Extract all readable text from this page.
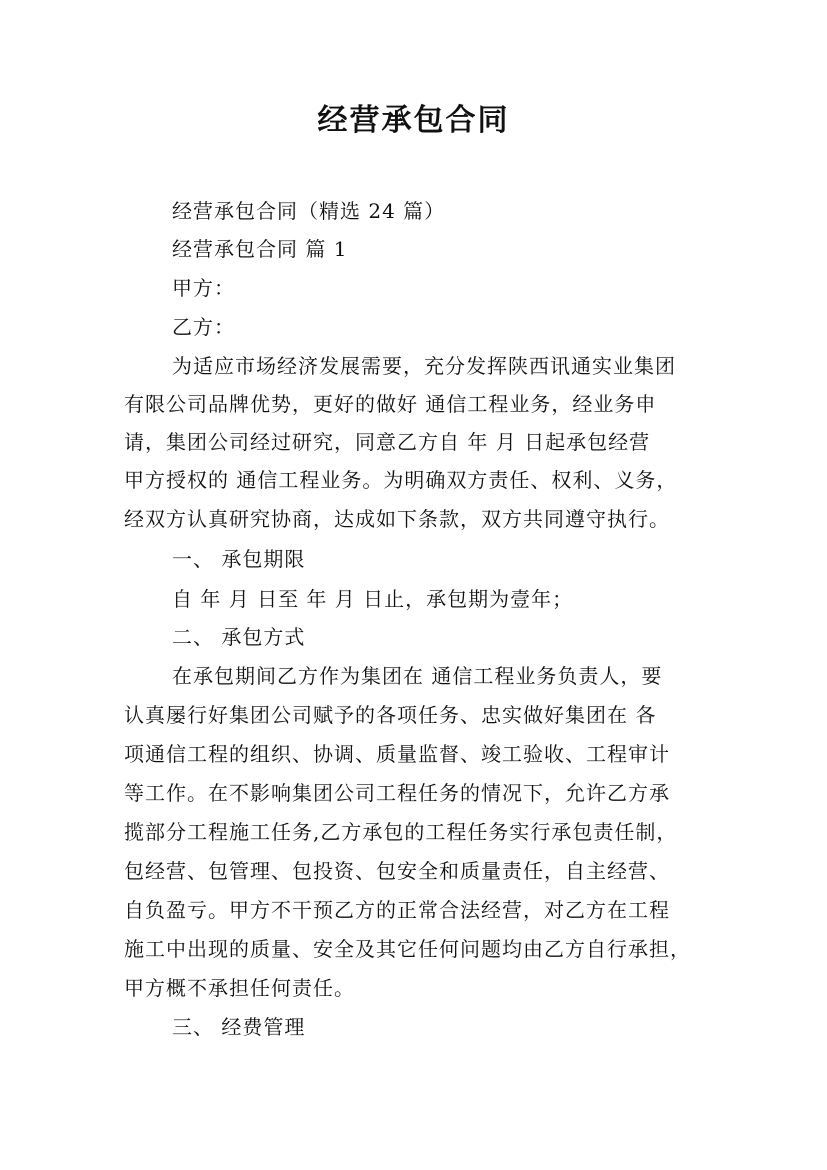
经营承包合同
经营承包合同（精选 24 篇）
经营承包合同 篇 1
甲方：
乙方：
为适应市场经济发展需要，充分发挥陕西讯通实业集团
有限公司品牌优势，更好的做好 通信工程业务，经业务申
请，集团公司经过研究，同意乙方自 年 月 日起承包经营
甲方授权的 通信工程业务。为明确双方责任、权利、义务，
经双方认真研究协商，达成如下条款，双方共同遵守执行。
一、 承包期限
自 年 月 日至 年 月 日止，承包期为壹年；
二、 承包方式
在承包期间乙方作为集团在 通信工程业务负责人，要
认真屡行好集团公司赋予的各项任务、忠实做好集团在 各
项通信工程的组织、协调、质量监督、竣工验收、工程审计
等工作。在不影响集团公司工程任务的情况下，允许乙方承
揽部分工程施工任务,乙方承包的工程任务实行承包责任制，
包经营、包管理、包投资、包安全和质量责任，自主经营、
自负盈亏。甲方不干预乙方的正常合法经营，对乙方在工程
施工中出现的质量、安全及其它任何问题均由乙方自行承担，
甲方概不承担任何责任。
三、 经费管理
